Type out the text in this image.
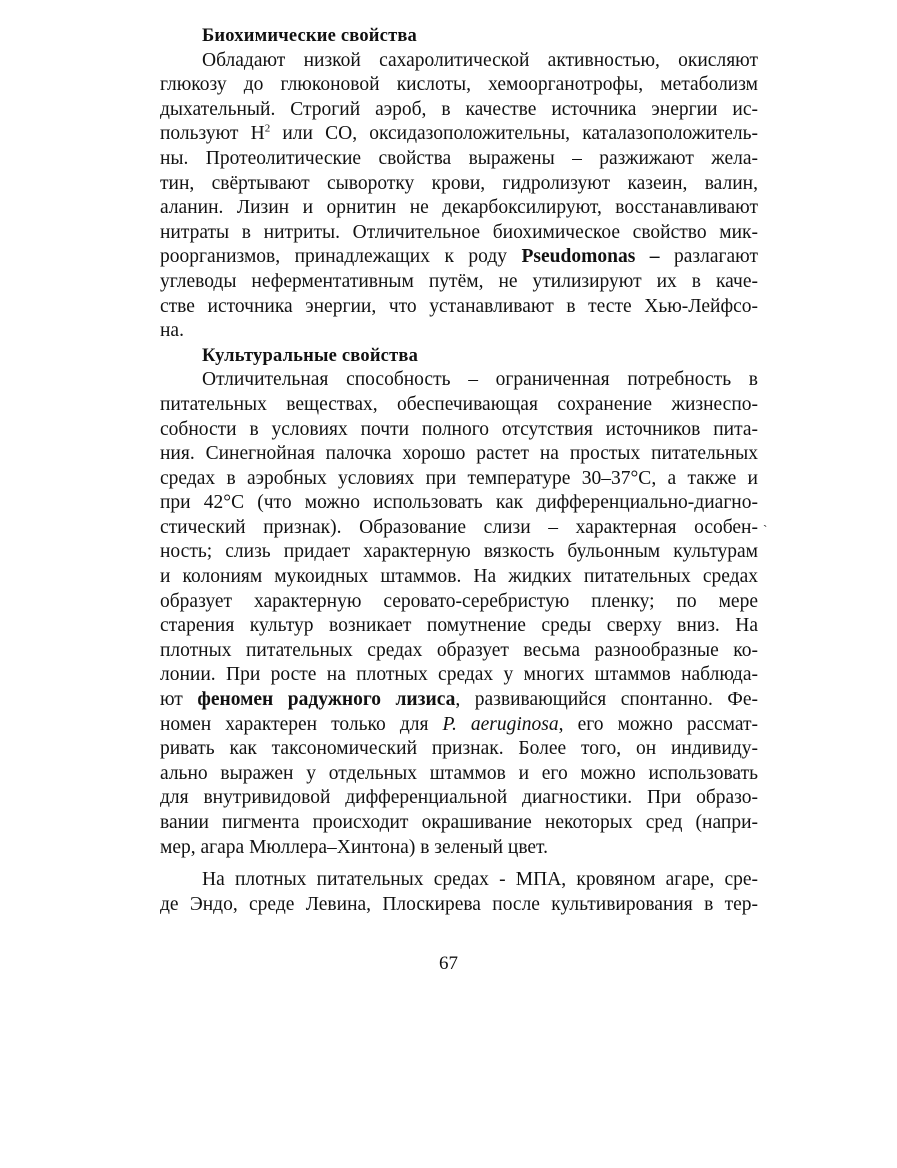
Биохимические свойства
Обладают низкой сахаролитической активностью, окисляют
глюкозу до глюконовой кислоты, хемоорганотрофы, метаболизм
дыхательный. Строгий аэроб, в качестве источника энергии ис-
пользуют $H^2$ или CO, оксидазоположительны, каталазоположитель-
ны. Протеолитические свойства выражены – разжижают жела-
тин, свёртывают сыворотку крови, гидролизуют казеин, валин,
аланин. Лизин и орнитин не декарбоксилируют, восстанавливают
нитраты в нитриты. Отличительное биохимическое свойство мик-
роорганизмов, принадлежащих к роду Pseudomonas – разлагают
углеводы неферментативным путём, не утилизируют их в каче-
стве источника энергии, что устанавливают в тесте Хью-Лейфсо-
на.
Культуральные свойства
Отличительная способность – ограниченная потребность в
питательных веществах, обеспечивающая сохранение жизнеспо-
собности в условиях почти полного отсутствия источников пита-
ния. Синегнойная палочка хорошо растет на простых питательных
средах в аэробных условиях при температуре 30–37°C, а также и
при 42°C (что можно использовать как дифференциально-диагно-
стический признак). Образование слизи – характерная особен-
ность; слизь придает характерную вязкость бульонным культурам
и колониям мукоидных штаммов. На жидких питательных средах
образует характерную серовато-серебристую пленку; по мере
старения культур возникает помутнение среды сверху вниз. На
плотных питательных средах образует весьма разнообразные ко-
лонии. При росте на плотных средах у многих штаммов наблюда-
ют феномен радужного лизиса, развивающийся спонтанно. Фе-
номен характерен только для P. aeruginosa, его можно рассмат-
ривать как таксономический признак. Более того, он индивиду-
ально выражен у отдельных штаммов и его можно использовать
для внутривидовой дифференциальной диагностики. При образо-
вании пигмента происходит окрашивание некоторых сред (напри-
мер, агара Мюллера–Хинтона) в зеленый цвет.
На плотных питательных средах - МПА, кровяном агаре, сре-
де Эндо, среде Левина, Плоскирева после культивирования в тер-
ˋ
67
